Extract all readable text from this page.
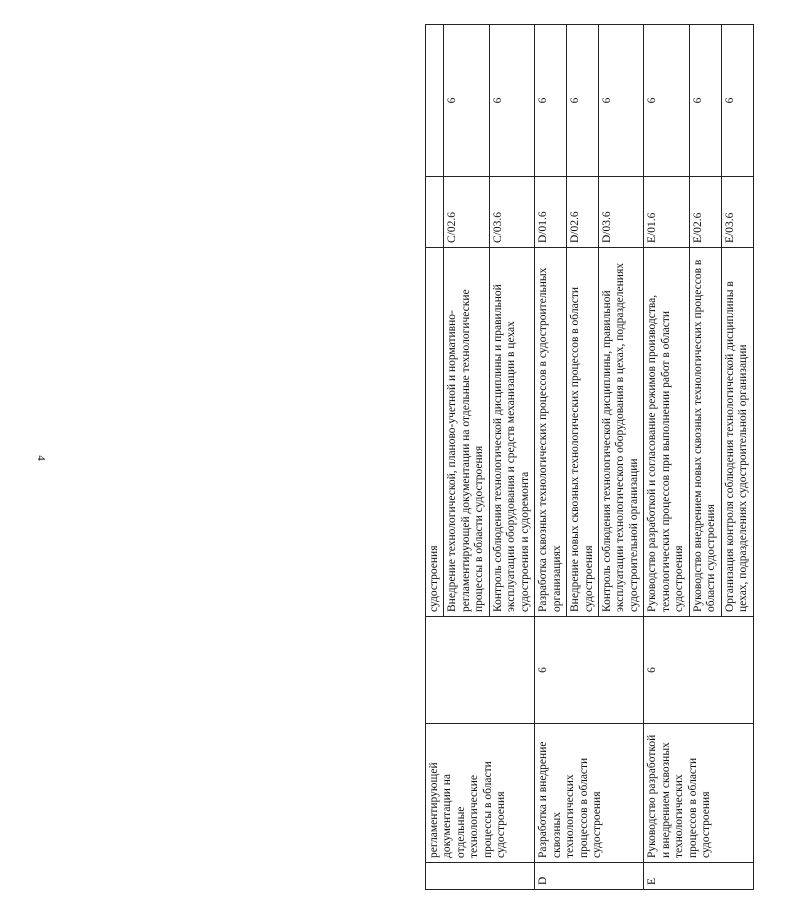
4
	регламентирующей документации на отдельные технологические процессы в области судостроения		судостроения		
			Внедрение технологической, планово-учетной и нормативно-регламентирующей документации на отдельные технологические процессы в области судостроения	C/02.6	6
			Контроль соблюдения технологической дисциплины и правильной эксплуатации оборудования и средств механизации в цехах судостроения и судоремонта	C/03.6	6
D	Разработка и внедрение сквозных технологических процессов в области судостроения	6	Разработка сквозных технологических процессов в судостроительных организациях	D/01.6	6
			Внедрение новых сквозных технологических процессов в области судостроения	D/02.6	6
			Контроль соблюдения технологической дисциплины, правильной эксплуатации технологического оборудования в цехах, подразделениях судостроительной организации	D/03.6	6
E	Руководство разработкой и внедрением сквозных технологических процессов в области судостроения	6	Руководство разработкой и согласование режимов производства, технологических процессов при выполнении работ в области судостроения	E/01.6	6
			Руководство внедрением новых сквозных технологических процессов в области судостроения	E/02.6	6
			Организация контроля соблюдения технологической дисциплины в цехах, подразделениях судостроительной организации	E/03.6	6
